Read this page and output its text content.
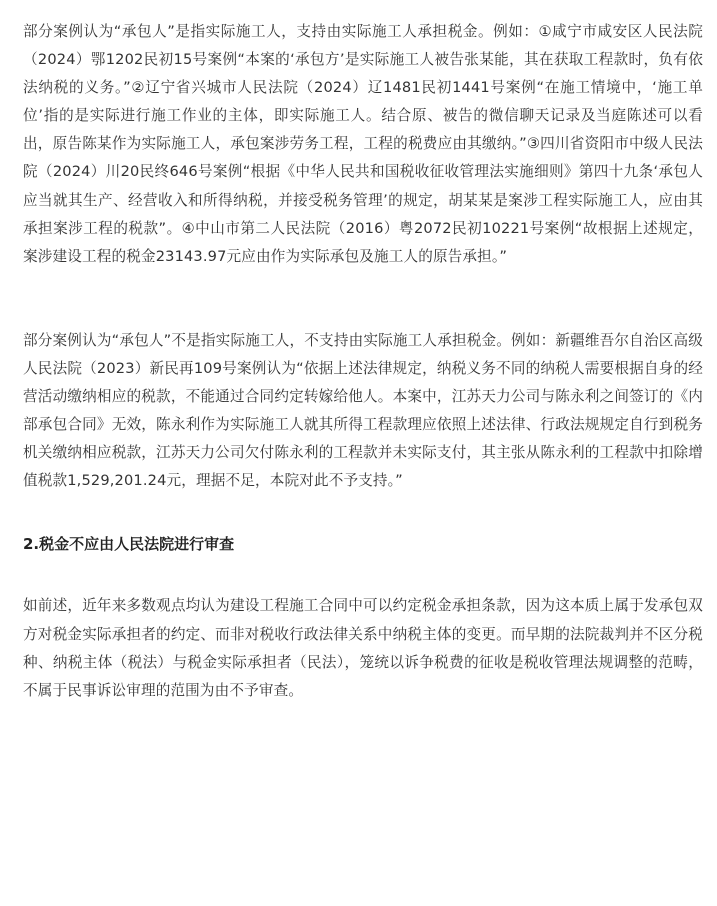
部分案例认为“承包人”是指实际施工人，支持由实际施工人承担税金。例如：①咸宁市咸安区人民法院（2024）鄂1202民初15号案例“本案的‘承包方’是实际施工人被告张某能，其在获取工程款时，负有依法纳税的义务。”②辽宁省兴城市人民法院（2024）辽1481民初1441号案例“在施工情境中，‘施工单位’指的是实际进行施工作业的主体，即实际施工人。结合原、被告的微信聊天记录及当庭陈述可以看出，原告陈某作为实际施工人，承包案涉劳务工程，工程的税费应由其缴纳。”③四川省资阳市中级人民法院（2024）川20民终646号案例“根据《中华人民共和国税收征收管理法实施细则》第四十九条‘承包人应当就其生产、经营收入和所得纳税，并接受税务管理’的规定，胡某某是案涉工程实际施工人，应由其承担案涉工程的税款”。④中山市第二人民法院（2016）粤2072民初10221号案例“故根据上述规定，案涉建设工程的税金23143.97元应由作为实际承包及施工人的原告承担。”

部分案例认为“承包人”不是指实际施工人，不支持由实际施工人承担税金。例如：新疆维吾尔自治区高级人民法院（2023）新民再109号案例认为“依据上述法律规定，纳税义务不同的纳税人需要根据自身的经营活动缴纳相应的税款，不能通过合同约定转嫁给他人。本案中，江苏天力公司与陈永利之间签订的《内部承包合同》无效，陈永利作为实际施工人就其所得工程款理应依照上述法律、行政法规规定自行到税务机关缴纳相应税款，江苏天力公司欠付陈永利的工程款并未实际支付，其主张从陈永利的工程款中扣除增值税款1,529,201.24元，理据不足，本院对此不予支持。”

2.税金不应由人民法院进行审查

如前述，近年来多数观点均认为建设工程施工合同中可以约定税金承担条款，因为这本质上属于发承包双方对税金实际承担者的约定、而非对税收行政法律关系中纳税主体的变更。而早期的法院裁判并不区分税种、纳税主体（税法）与税金实际承担者（民法），笼统以诉争税费的征收是税收管理法规调整的范畴，不属于民事诉讼审理的范围为由不予审查。
